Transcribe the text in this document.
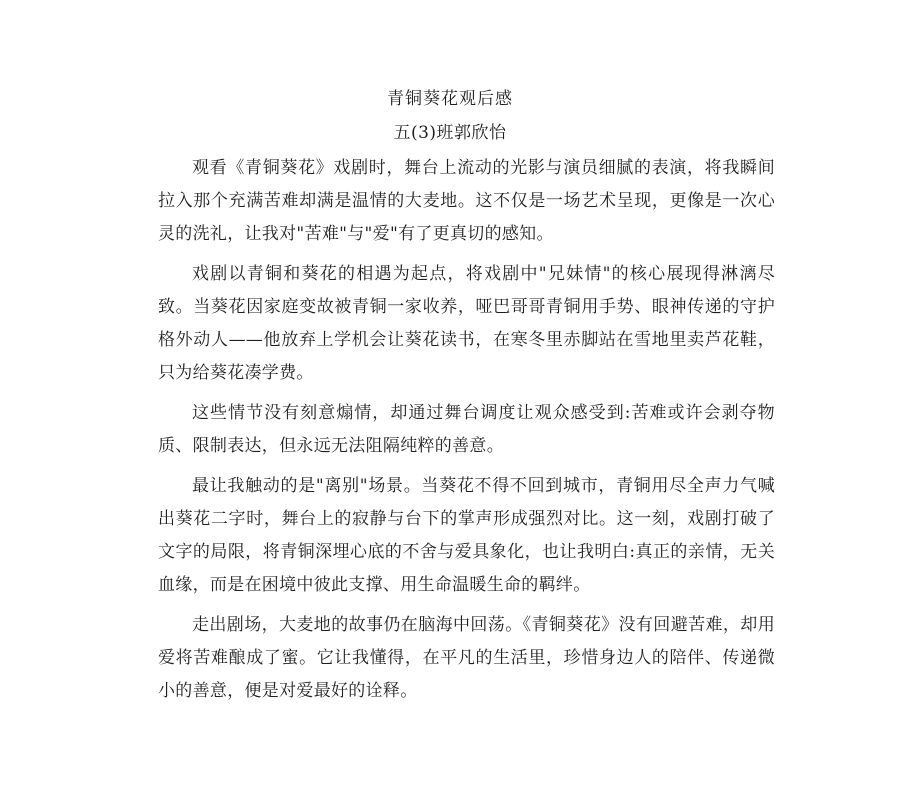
青铜葵花观后感
五(3)班郭欣怡

观看《青铜葵花》戏剧时，舞台上流动的光影与演员细腻的表演，将我瞬间拉入那个充满苦难却满是温情的大麦地。这不仅是一场艺术呈现，更像是一次心灵的洗礼，让我对"苦难"与"爱"有了更真切的感知。

戏剧以青铜和葵花的相遇为起点，将戏剧中"兄妹情"的核心展现得淋漓尽致。当葵花因家庭变故被青铜一家收养，哑巴哥哥青铜用手势、眼神传递的守护格外动人——他放弃上学机会让葵花读书，在寒冬里赤脚站在雪地里卖芦花鞋，只为给葵花凑学费。

这些情节没有刻意煽情，却通过舞台调度让观众感受到:苦难或许会剥夺物质、限制表达，但永远无法阻隔纯粹的善意。

最让我触动的是"离别"场景。当葵花不得不回到城市，青铜用尽全声力气喊出葵花二字时，舞台上的寂静与台下的掌声形成强烈对比。这一刻，戏剧打破了文字的局限，将青铜深埋心底的不舍与爱具象化，也让我明白:真正的亲情，无关血缘，而是在困境中彼此支撑、用生命温暖生命的羁绊。

走出剧场，大麦地的故事仍在脑海中回荡。《青铜葵花》没有回避苦难，却用爱将苦难酿成了蜜。它让我懂得，在平凡的生活里，珍惜身边人的陪伴、传递微小的善意，便是对爱最好的诠释。
